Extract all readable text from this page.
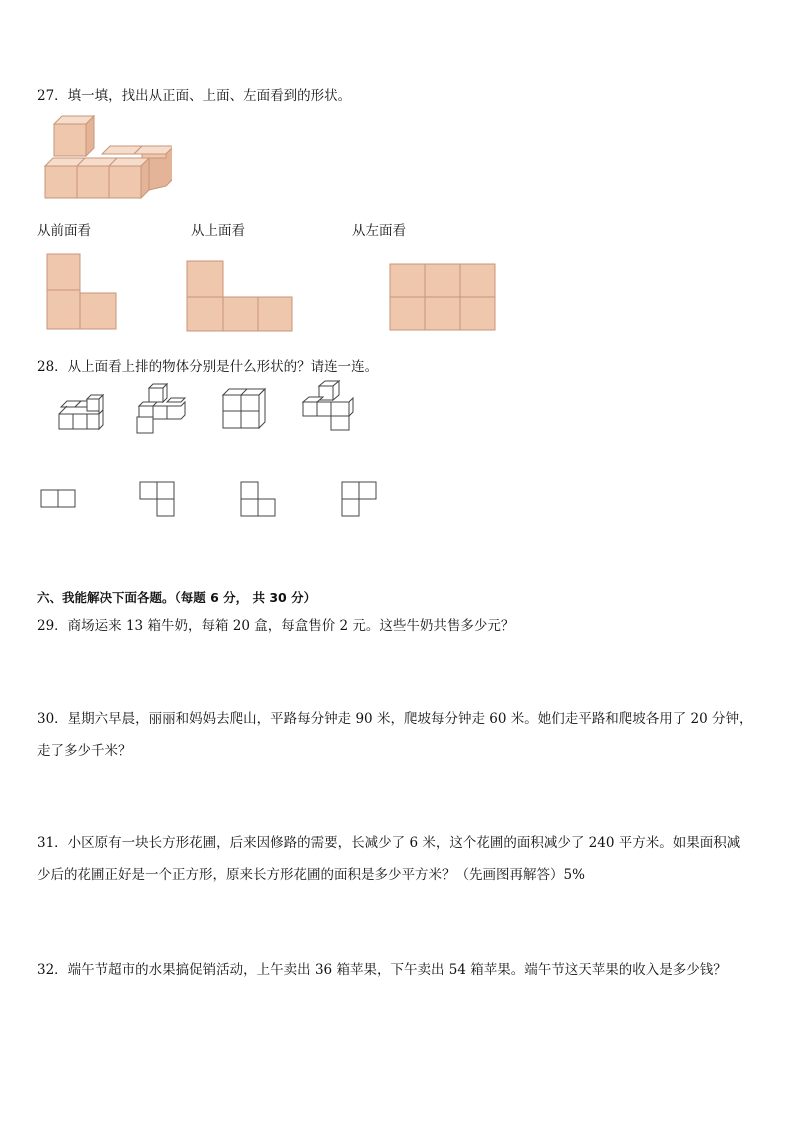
27．填一填，找出从正面、上面、左面看到的形状。
从前面看	从上面看	从左面看
28．从上面看上排的物体分别是什么形状的？请连一连。
六、我能解决下面各题。（每题 6 分， 共 30 分）
29．商场运来 13 箱牛奶，每箱 20 盒，每盒售价 2 元。这些牛奶共售多少元？
30．星期六早晨，丽丽和妈妈去爬山，平路每分钟走 90 米，爬坡每分钟走 60 米。她们走平路和爬坡各用了 20 分钟，
走了多少千米？
31．小区原有一块长方形花圃，后来因修路的需要，长减少了 6 米，这个花圃的面积减少了 240 平方米。如果面积减
少后的花圃正好是一个正方形，原来长方形花圃的面积是多少平方米？（先画图再解答）5%
32．端午节超市的水果搞促销活动，上午卖出 36 箱苹果，下午卖出 54 箱苹果。端午节这天苹果的收入是多少钱？
